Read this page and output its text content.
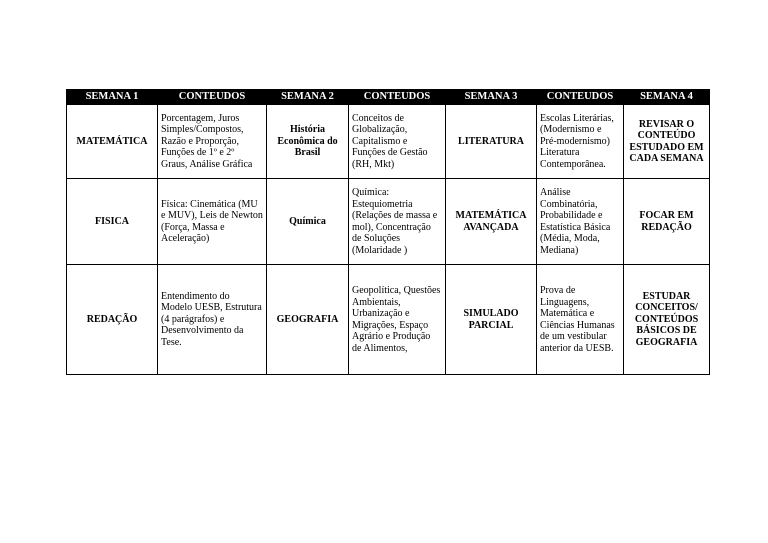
SEMANA 1	CONTEUDOS	SEMANA 2	CONTEUDOS	SEMANA 3	CONTEUDOS	SEMANA 4
MATEMÁTICA	Porcentagem, Juros Simples/Compostos, Razão e Proporção, Funções de 1º e 2º Graus, Análise Gráfica	História Econômica do Brasil	Conceitos de Globalização, Capitalismo e Funções de Gestão (RH, Mkt)	LITERATURA	Escolas Literárias, (Modernismo e Pré-modernismo) Literatura Contemporânea.	REVISAR O CONTEÚDO ESTUDADO EM CADA SEMANA
FISICA	Física: Cinemática (MU e MUV), Leis de Newton (Força, Massa e Aceleração)	Química	Química: Estequiometria (Relações de massa e mol), Concentração de Soluções (Molaridade )	MATEMÁTICA AVANÇADA	Análise Combinatória, Probabilidade e Estatística Básica (Média, Moda, Mediana)	FOCAR EM REDAÇÃO
REDAÇÃO	Entendimento do Modelo UESB, Estrutura (4 parágrafos) e Desenvolvimento da Tese.	GEOGRAFIA	Geopolítica, Questões Ambientais, Urbanização e Migrações, Espaço Agrário e Produção de Alimentos,	SIMULADO PARCIAL	Prova de Linguagens, Matemática e Ciências Humanas de um vestibular anterior da UESB.	ESTUDAR CONCEITOS/ CONTEÚDOS BÁSICOS DE GEOGRAFIA
